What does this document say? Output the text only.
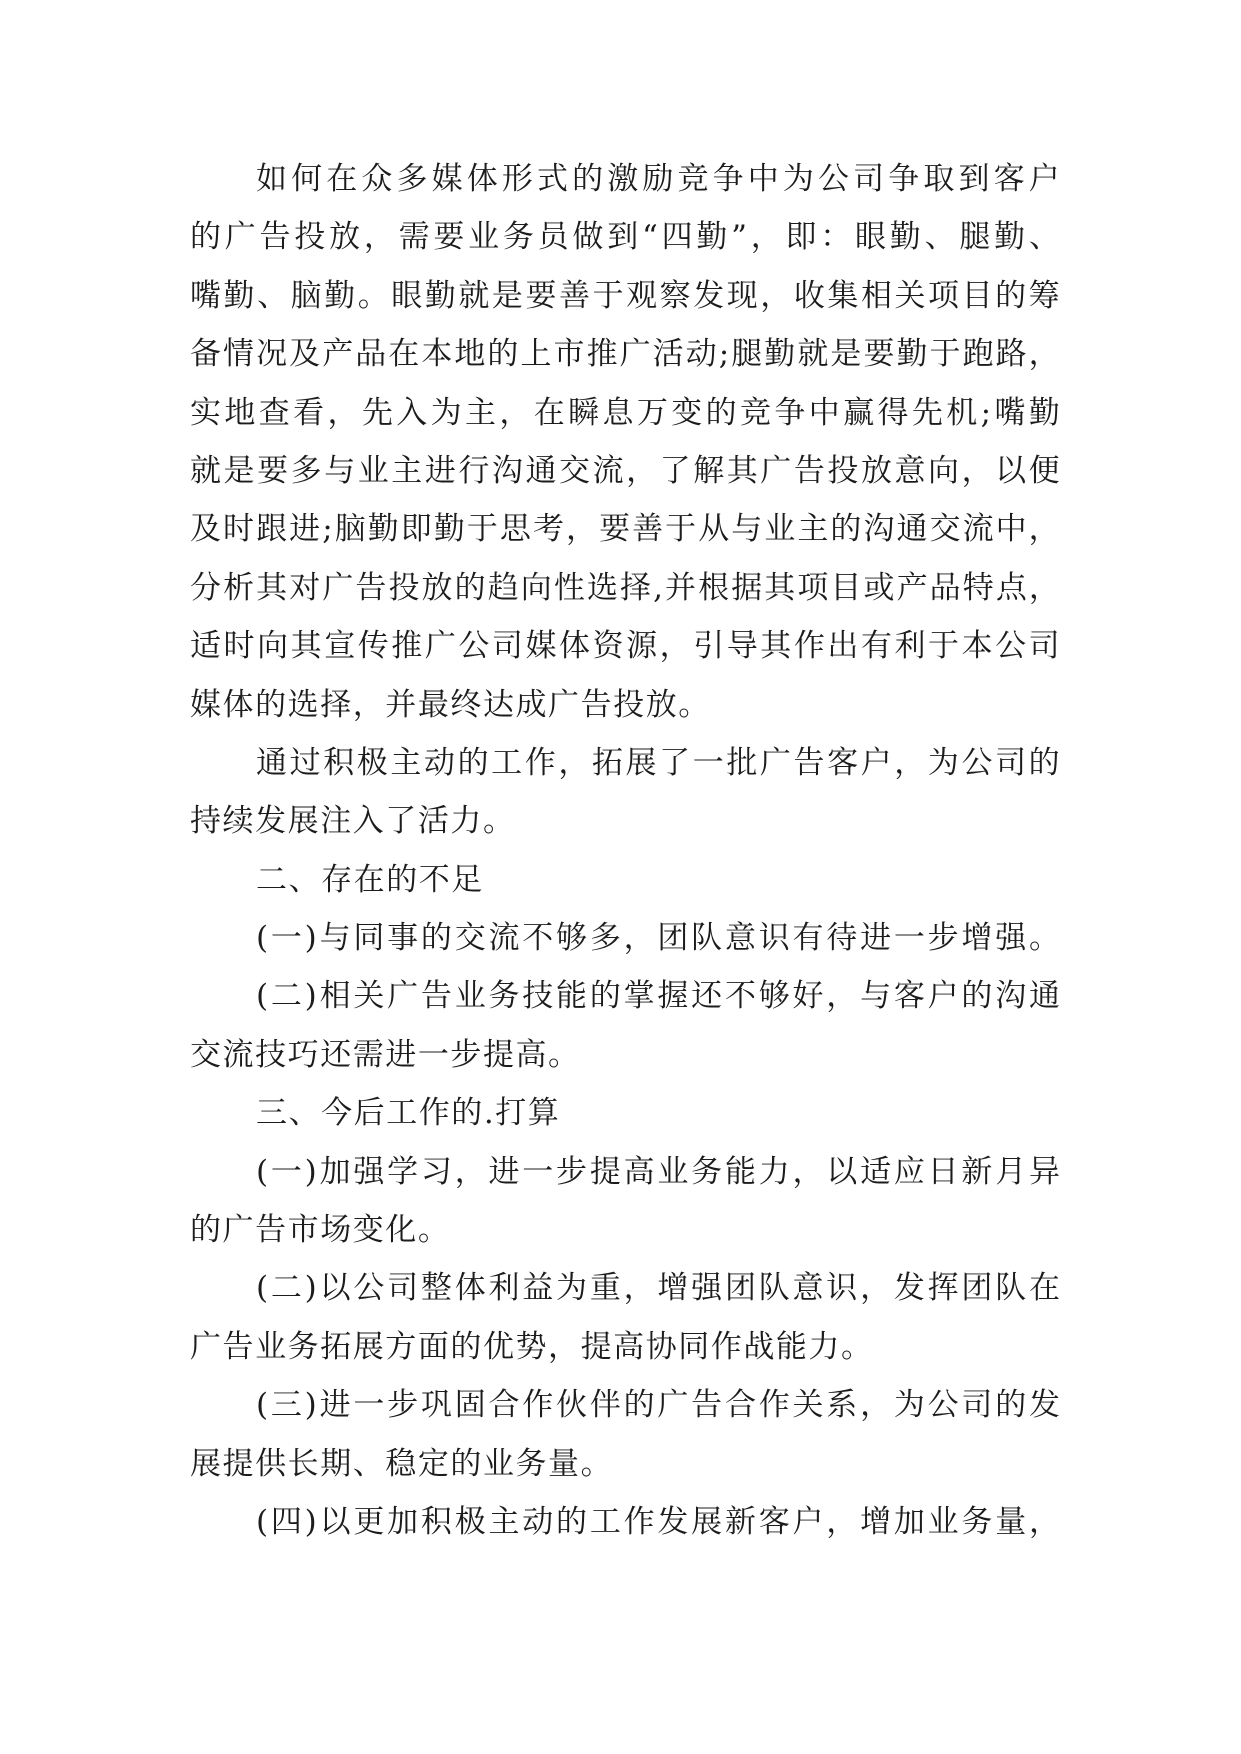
如 何 在 众 多 媒 体 形 式 的 激 励 竞 争 中 为 公 司 争 取 到 客 户
的 广 告 投 放 ， 需 要 业 务 员 做 到 “ 四 勤 ” ， 即 ： 眼 勤 、 腿 勤 、
嘴 勤 、 脑 勤 。 眼 勤 就 是 要 善 于 观 察 发 现 ， 收 集 相 关 项 目 的 筹
备 情 况 及 产 品 在 本 地 的 上 市 推 广 活 动 ; 腿 勤 就 是 要 勤 于 跑 路 ，
实 地 查 看 ， 先 入 为 主 ， 在 瞬 息 万 变 的 竞 争 中 赢 得 先 机 ; 嘴 勤
就 是 要 多 与 业 主 进 行 沟 通 交 流 ， 了 解 其 广 告 投 放 意 向 ， 以 便
及 时 跟 进 ; 脑 勤 即 勤 于 思 考 ， 要 善 于 从 与 业 主 的 沟 通 交 流 中 ，
分 析 其 对 广 告 投 放 的 趋 向 性 选 择 , 并 根 据 其 项 目 或 产 品 特 点 ，
适 时 向 其 宣 传 推 广 公 司 媒 体 资 源 ， 引 导 其 作 出 有 利 于 本 公 司
媒体的选择，并最终达成广告投放。
通 过 积 极 主 动 的 工 作 ， 拓 展 了 一 批 广 告 客 户 ， 为 公 司 的
持续发展注入了活力。
二、存在的不足
( 一 ) 与 同 事 的 交 流 不 够 多 ， 团 队 意 识 有 待 进 一 步 增 强 。
( 二 ) 相 关 广 告 业 务 技 能 的 掌 握 还 不 够 好 ， 与 客 户 的 沟 通
交流技巧还需进一步提高。
三、今后工作的.打算
( 一 ) 加 强 学 习 ， 进 一 步 提 高 业 务 能 力 ， 以 适 应 日 新 月 异
的广告市场变化。
( 二 ) 以 公 司 整 体 利 益 为 重 ， 增 强 团 队 意 识 ， 发 挥 团 队 在
广告业务拓展方面的优势，提高协同作战能力。
( 三 ) 进 一 步 巩 固 合 作 伙 伴 的 广 告 合 作 关 系 ， 为 公 司 的 发
展提供长期、稳定的业务量。
( 四 ) 以 更 加 积 极 主 动 的 工 作 发 展 新 客 户 ， 增 加 业 务 量 ，
